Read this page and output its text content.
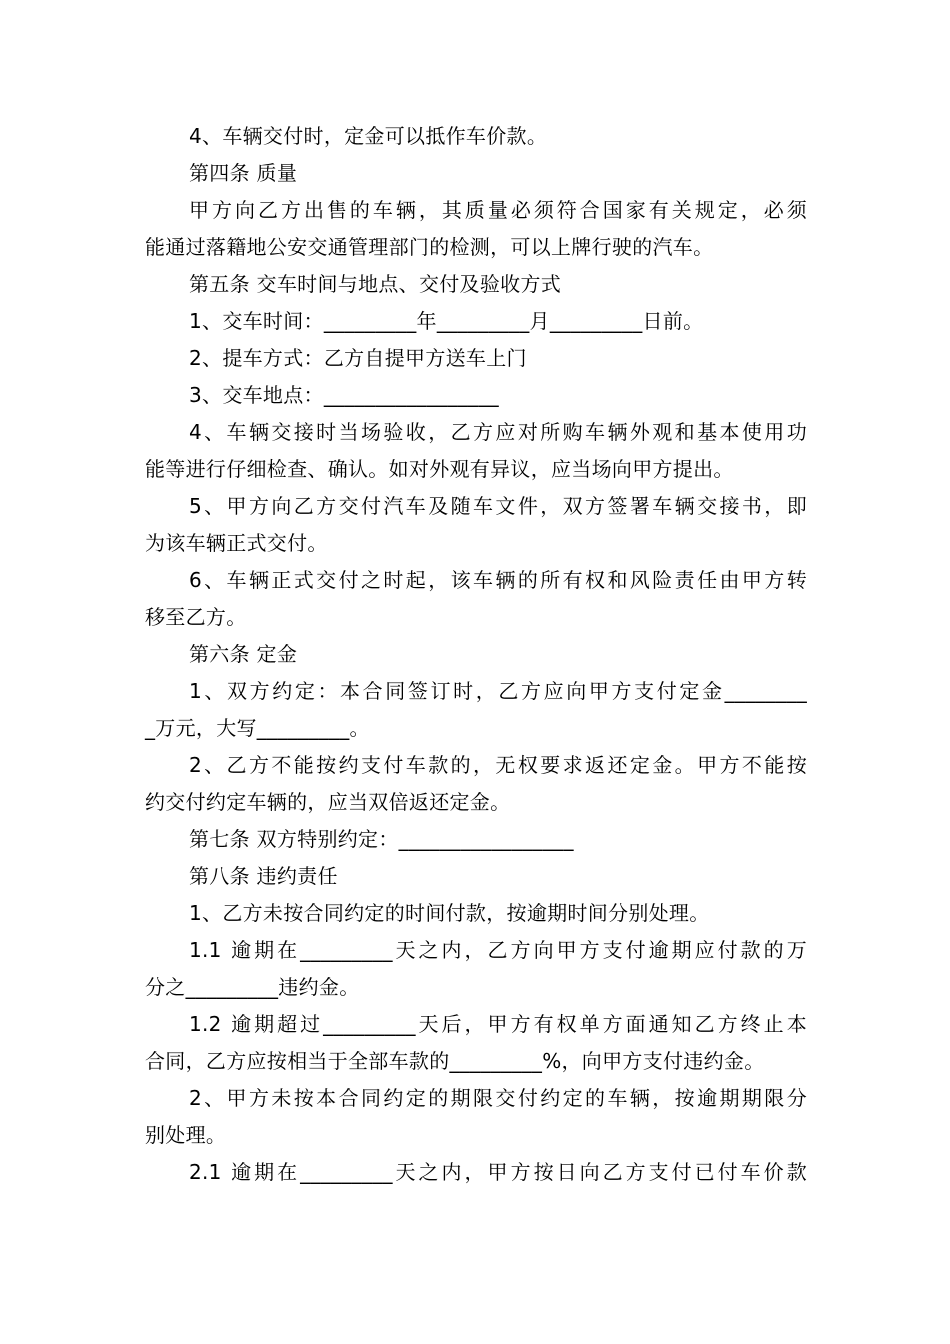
4、车辆交付时，定金可以抵作车价款。
第四条 质量
甲方向乙方出售的车辆，其质量必须符合国家有关规定，必须
能通过落籍地公安交通管理部门的检测，可以上牌行驶的汽车。
第五条 交车时间与地点、交付及验收方式
1、交车时间：_________年_________月_________日前。
2、提车方式：乙方自提甲方送车上门
3、交车地点：_________________
4、车辆交接时当场验收，乙方应对所购车辆外观和基本使用功
能等进行仔细检查、确认。如对外观有异议，应当场向甲方提出。
5、甲方向乙方交付汽车及随车文件，双方签署车辆交接书，即
为该车辆正式交付。
6、车辆正式交付之时起，该车辆的所有权和风险责任由甲方转
移至乙方。
第六条 定金
1、双方约定：本合同签订时，乙方应向甲方支付定金________
_万元，大写_________。
2、乙方不能按约支付车款的，无权要求返还定金。甲方不能按
约交付约定车辆的，应当双倍返还定金。
第七条 双方特别约定：_________________
第八条 违约责任
1、乙方未按合同约定的时间付款，按逾期时间分别处理。
1.1 逾期在_________天之内，乙方向甲方支付逾期应付款的万
分之_________违约金。
1.2 逾期超过_________天后，甲方有权单方面通知乙方终止本
合同，乙方应按相当于全部车款的_________%，向甲方支付违约金。
2、甲方未按本合同约定的期限交付约定的车辆，按逾期期限分
别处理。
2.1 逾期在_________天之内，甲方按日向乙方支付已付车价款
